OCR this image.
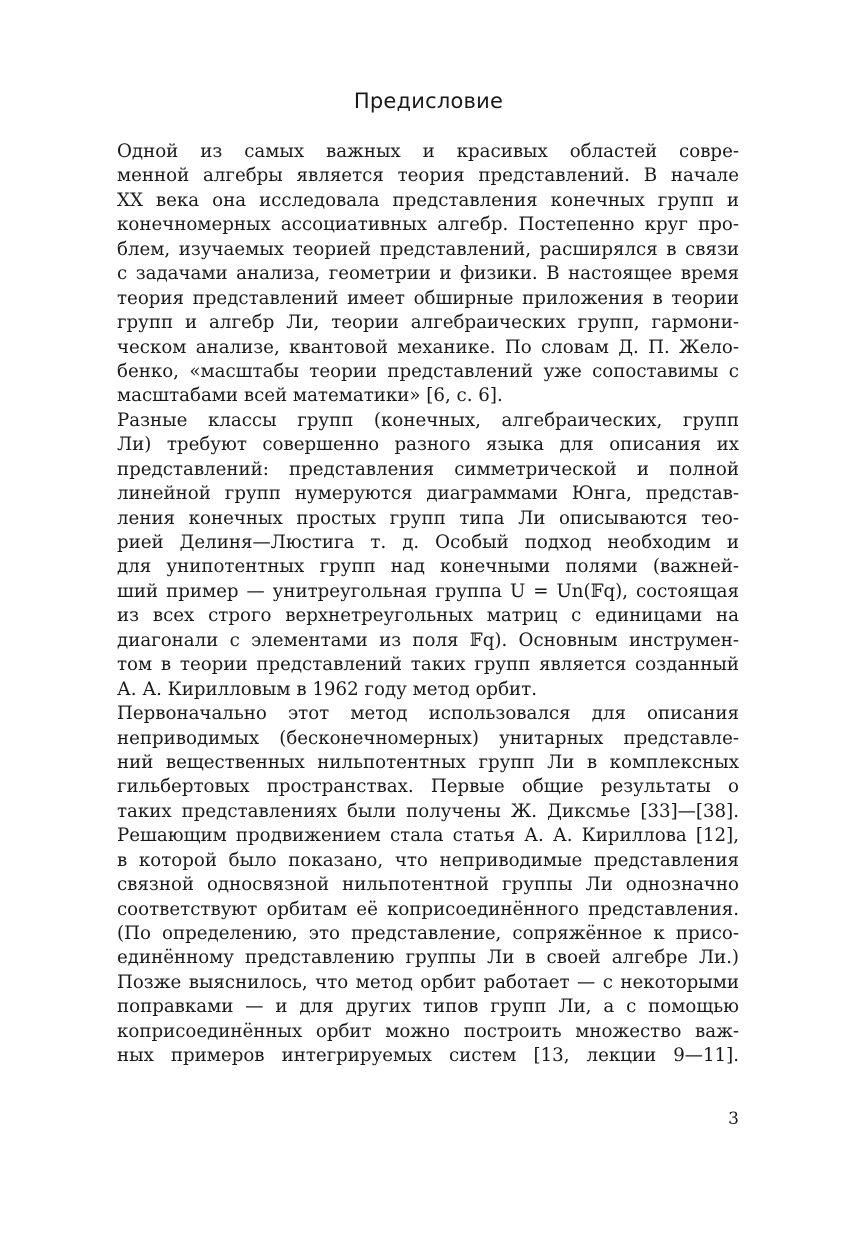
Предисловие
Одной из самых важных и красивых областей совре-
менной алгебры является теория представлений. В начале
XX века она исследовала представления конечных групп и
конечномерных ассоциативных алгебр. Постепенно круг про-
блем, изучаемых теорией представлений, расширялся в связи
с задачами анализа, геометрии и физики. В настоящее время
теория представлений имеет обширные приложения в теории
групп и алгебр Ли, теории алгебраических групп, гармони-
ческом анализе, квантовой механике. По словам Д. П. Жело-
бенко, «масштабы теории представлений уже сопоставимы с
масштабами всей математики» [6, с. 6].
Разные классы групп (конечных, алгебраических, групп
Ли) требуют совершенно разного языка для описания их
представлений: представления симметрической и полной
линейной групп нумеруются диаграммами Юнга, представ-
ления конечных простых групп типа Ли описываются тео-
рией Делиня—Люстига т. д. Особый подход необходим и
для унипотентных групп над конечными полями (важней-
ший пример — унитреугольная группа U = Un(𝔽q), состоящая
из всех строго верхнетреугольных матриц с единицами на
диагонали с элементами из поля 𝔽q). Основным инструмен-
том в теории представлений таких групп является созданный
А. А. Кирилловым в 1962 году метод орбит.
Первоначально этот метод использовался для описания
неприводимых (бесконечномерных) унитарных представле-
ний вещественных нильпотентных групп Ли в комплексных
гильбертовых пространствах. Первые общие результаты о
таких представлениях были получены Ж. Диксмье [33]—[38].
Решающим продвижением стала статья А. А. Кириллова [12],
в которой было показано, что неприводимые представления
связной односвязной нильпотентной группы Ли однозначно
соответствуют орбитам её коприсоединённого представления.
(По определению, это представление, сопряжённое к присо-
единённому представлению группы Ли в своей алгебре Ли.)
Позже выяснилось, что метод орбит работает — с некоторыми
поправками — и для других типов групп Ли, а с помощью
коприсоединённых орбит можно построить множество важ-
ных примеров интегрируемых систем [13, лекции 9—11].
3
